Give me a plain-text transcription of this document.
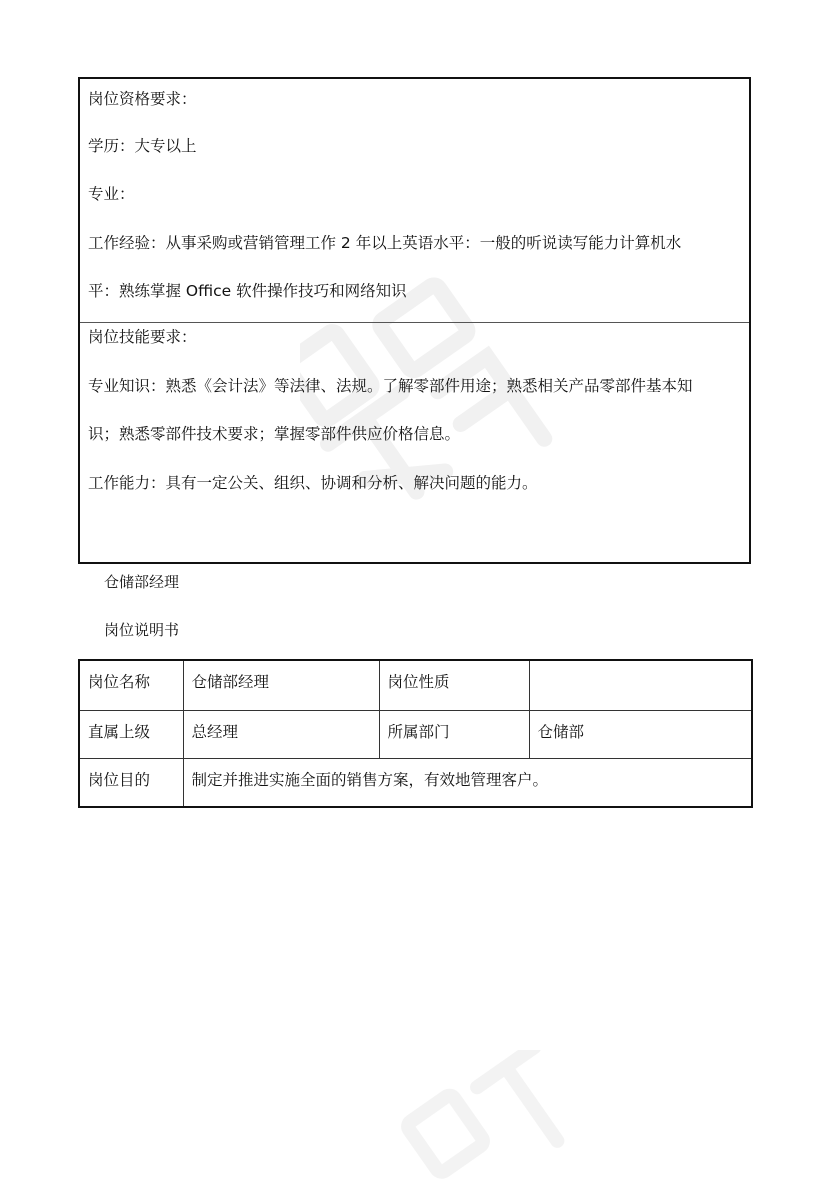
岗位资格要求：
学历：大专以上
专业：
工作经验：从事采购或营销管理工作 2 年以上英语水平：一般的听说读写能力计算机水
平：熟练掌握 Office 软件操作技巧和网络知识
岗位技能要求：
专业知识：熟悉《会计法》等法律、法规。了解零部件用途；熟悉相关产品零部件基本知
识；熟悉零部件技术要求；掌握零部件供应价格信息。
工作能力：具有一定公关、组织、协调和分析、解决问题的能力。
仓储部经理
岗位说明书
岗位名称	仓储部经理	岗位性质	
直属上级	总经理	所属部门	仓储部
岗位目的	制定并推进实施全面的销售方案，有效地管理客户。		
